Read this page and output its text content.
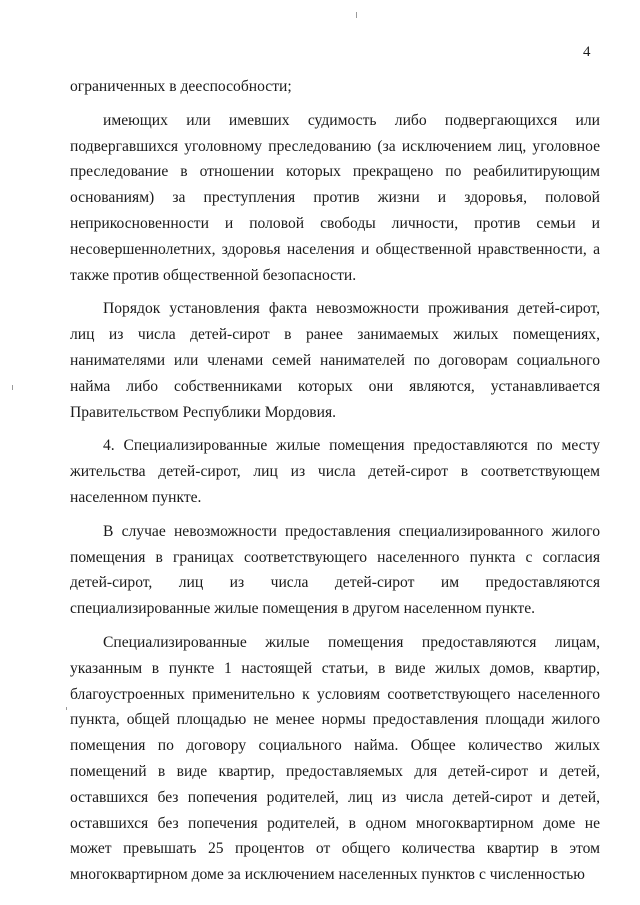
4

ограниченных в дееспособности;

имеющих или имевших судимость либо подвергающихся или подвергавшихся уголовному преследованию (за исключением лиц, уголовное преследование в отношении которых прекращено по реабилитирующим основаниям) за преступления против жизни и здоровья, половой неприкосновенности и половой свободы личности, против семьи и несовершеннолетних, здоровья населения и общественной нравственности, а также против общественной безопасности.

Порядок установления факта невозможности проживания детей-сирот, лиц из числа детей-сирот в ранее занимаемых жилых помещениях, нанимателями или членами семей нанимателей по договорам социального найма либо собственниками которых они являются, устанавливается Правительством Республики Мордовия.

4. Специализированные жилые помещения предоставляются по месту жительства детей-сирот, лиц из числа детей-сирот в соответствующем населенном пункте.

В случае невозможности предоставления специализированного жилого помещения в границах соответствующего населенного пункта с согласия детей-сирот, лиц из числа детей-сирот им предоставляются специализированные жилые помещения в другом населенном пункте.

Специализированные жилые помещения предоставляются лицам, указанным в пункте 1 настоящей статьи, в виде жилых домов, квартир, благоустроенных применительно к условиям соответствующего населенного пункта, общей площадью не менее нормы предоставления площади жилого помещения по договору социального найма. Общее количество жилых помещений в виде квартир, предоставляемых для детей-сирот и детей, оставшихся без попечения родителей, лиц из числа детей-сирот и детей, оставшихся без попечения родителей, в одном многоквартирном доме не может превышать 25 процентов от общего количества квартир в этом многоквартирном доме за исключением населенных пунктов с численностью
